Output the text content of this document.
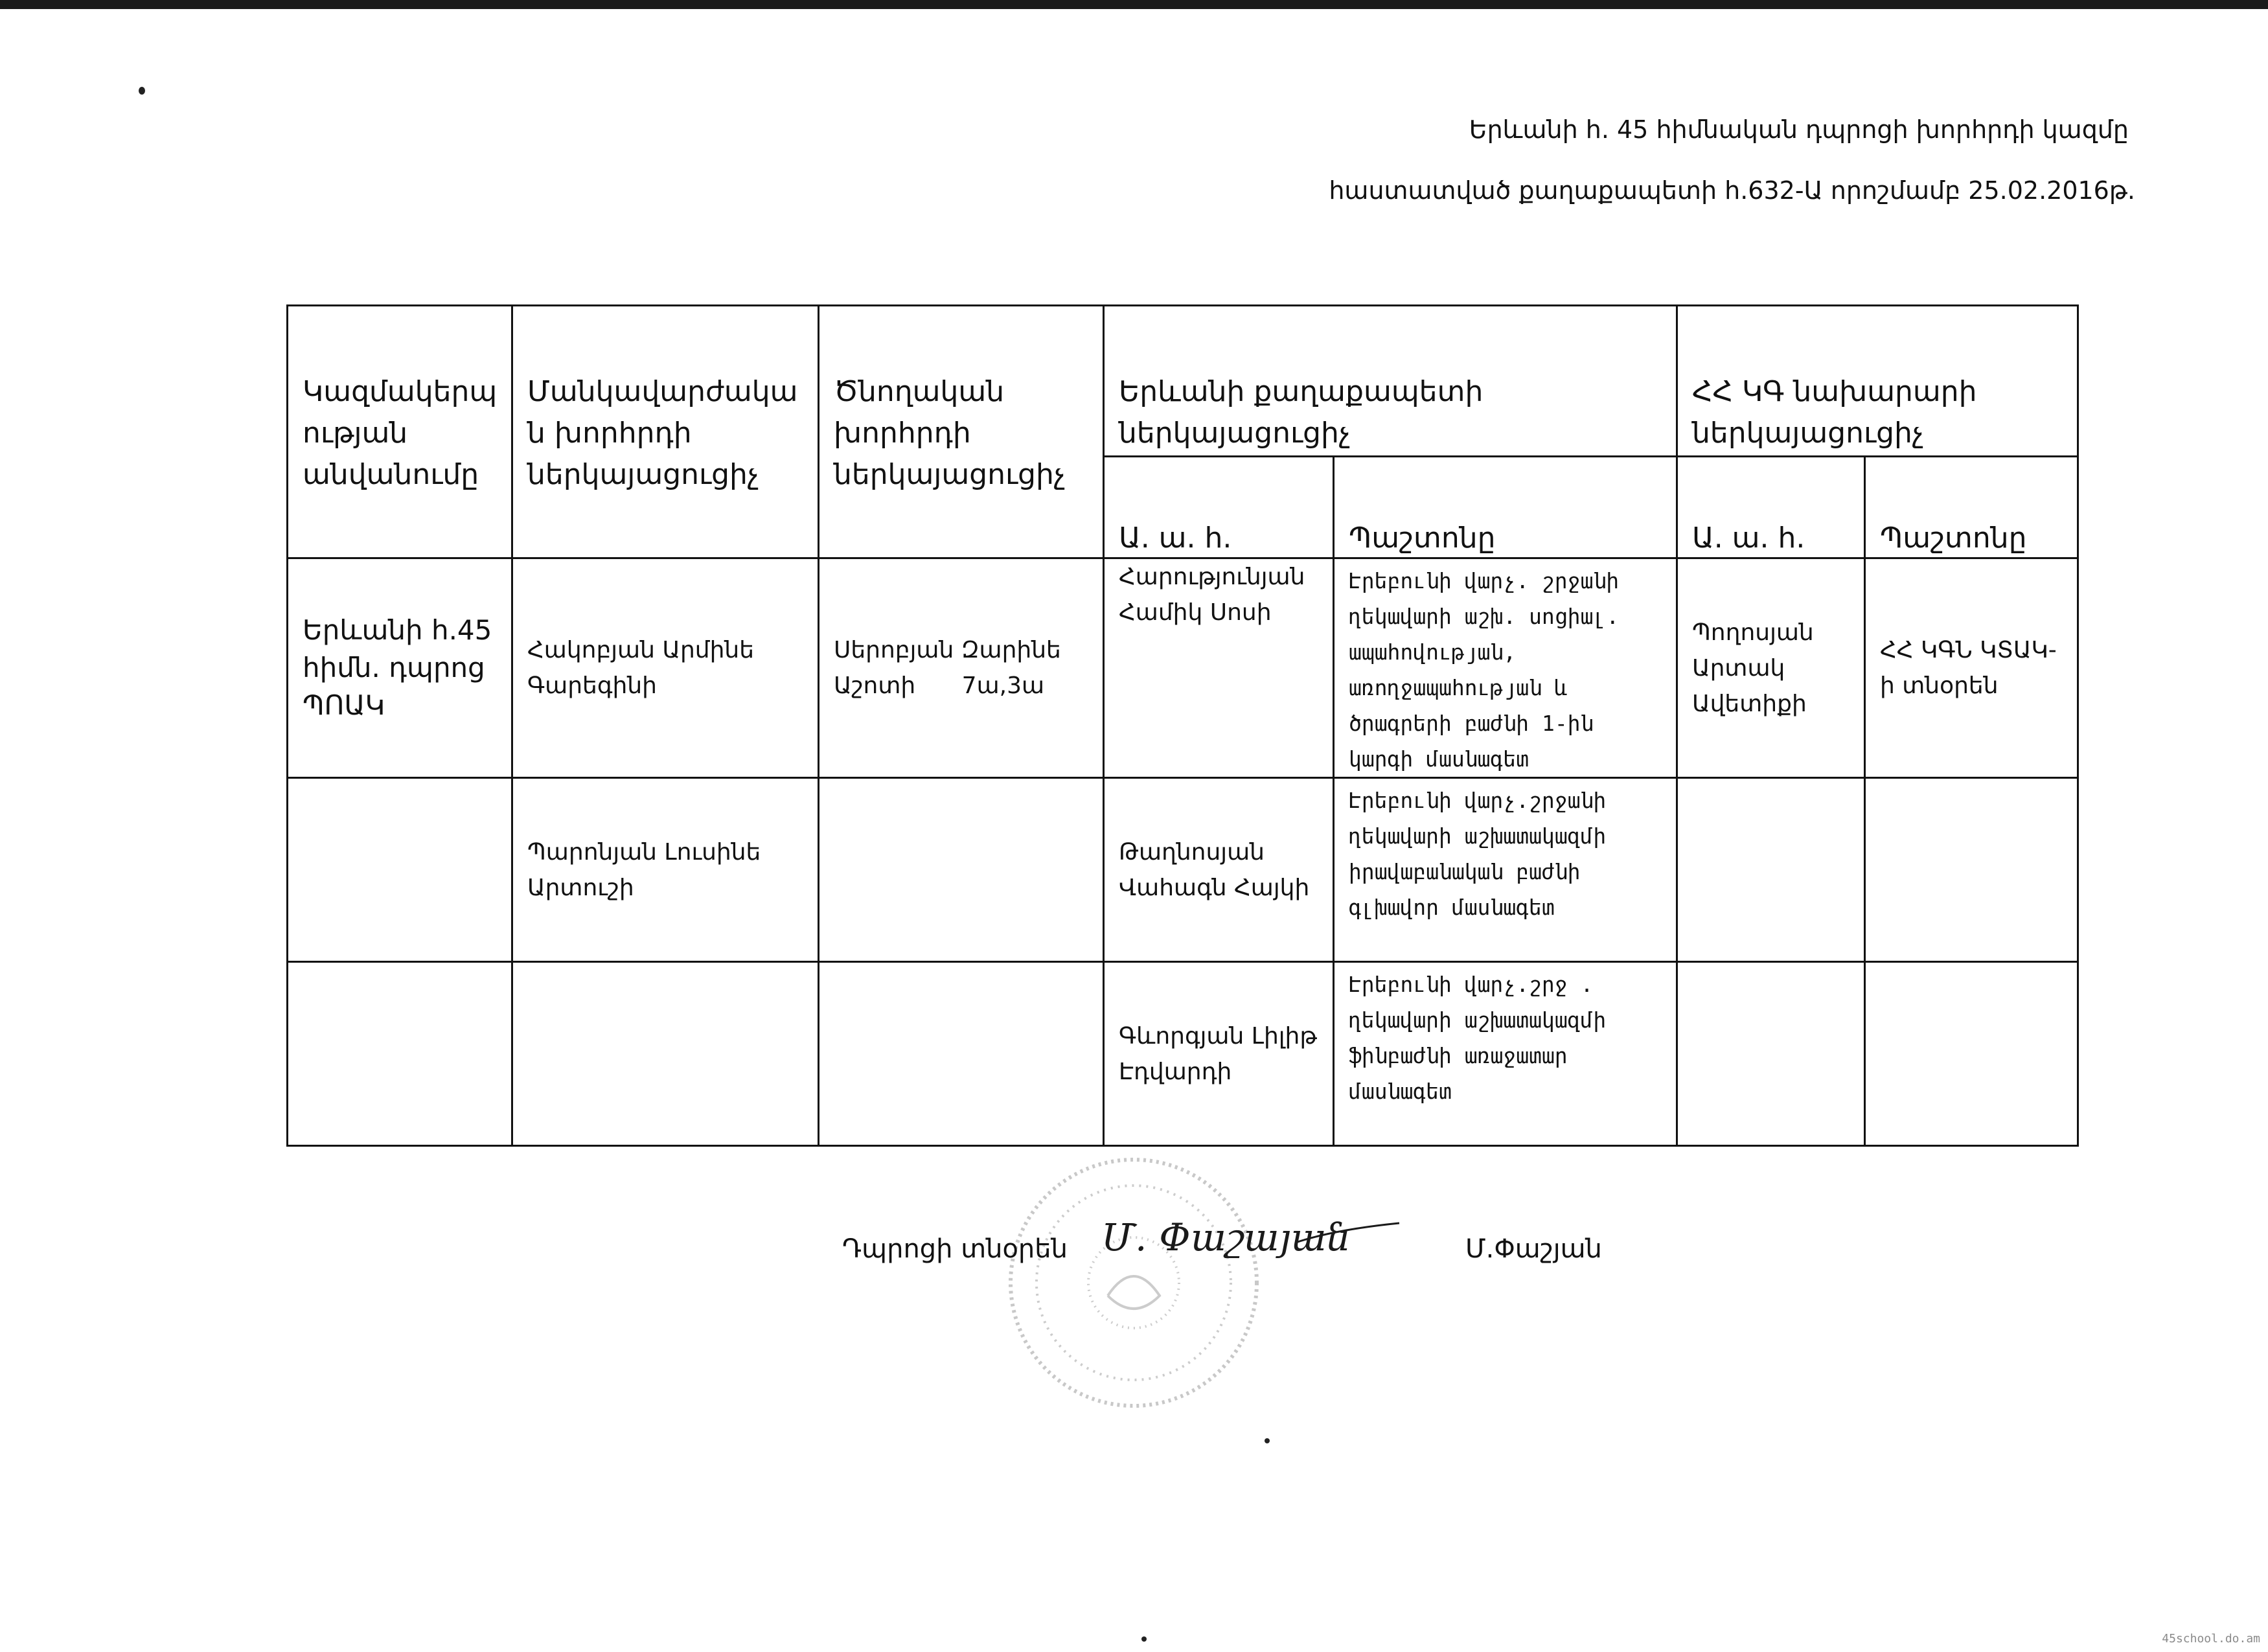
Երևանի հ. 45 հիմնական դպրոցի խորհրդի կազմը
հաստատված քաղաքապետի հ.632-Ա որոշմամբ 25.02.2016թ.
Կազմակերպ ության անվանումը	Մանկավարժակա ն խորհրդի ներկայացուցիչ	Ծնողական խորհրդի ներկայացուցիչ	Երևանի քաղաքապետի ներկայացուցիչ		ՀՀ ԿԳ նախարարի ներկայացուցիչ	
			Ա. ա. հ.	Պաշտոնը	Ա. ա. հ.	Պաշտոնը
Երևանի հ.45 հիմն. դպրոց ՊՈԱԿ	Հակոբյան Արմինե Գարեգինի	Սերոբյան Զարինե Աշոտի 7ա,3ա	Հարությունյան Համիկ Սոսի	Էրեբունի վարչ. շրջանի ղեկավարի աշխ. սոցիալ. ապահովության, առողջապահության և ծրագրերի բաժնի 1-ին կարգի մասնագետ	Պողոսյան Արտակ Ավետիքի	ՀՀ ԿԳՆ ԿՏԱԿ-ի տնօրեն
	Պարոնյան Լուսինե Արտուշի		Թաղնոսյան Վահագն Հայկի	Էրեբունի վարչ.շրջանի ղեկավարի աշխատակազմի իրավաբանական բաժնի գլխավոր մասնագետ		
			Գևորգյան Լիլիթ Էդվարդի	Էրեբունի վարչ.շրջ . ղեկավարի աշխատակազմի ֆինբաժնի առաջատար մասնագետ		
Դպրոցի տնօրեն Մ. Փաշայան	Մ.Փաշյան
45school.do.am
